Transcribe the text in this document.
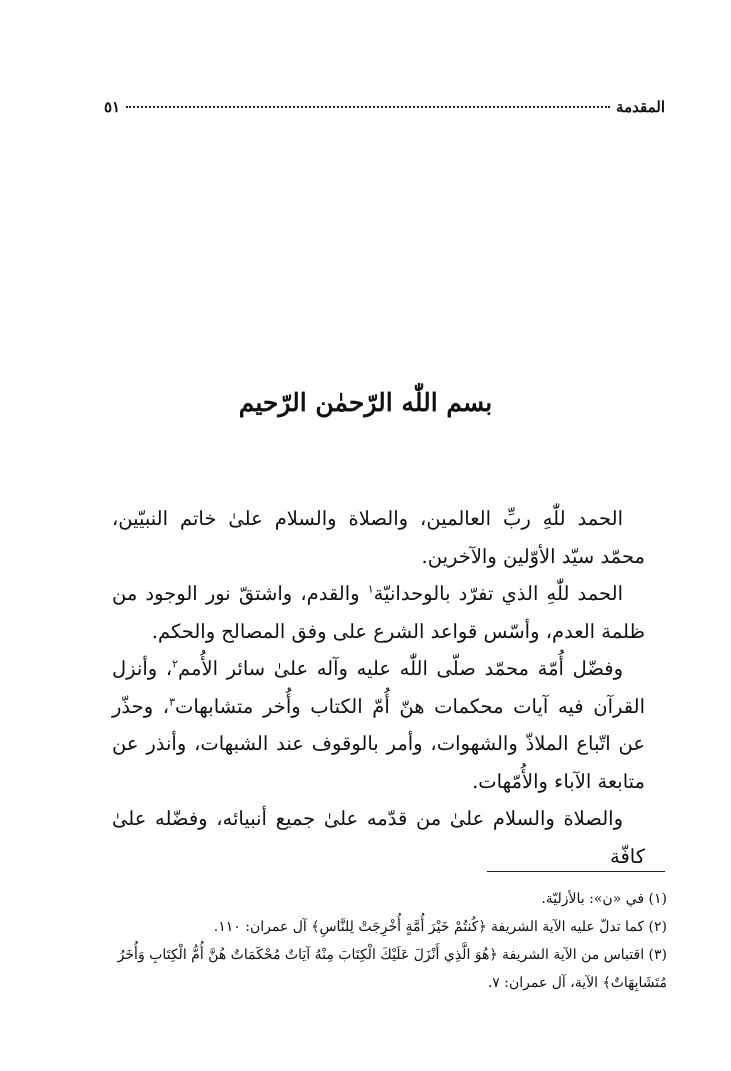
المقدمة
٥١
بسم اللّٰه الرّحمٰن الرّحيم

الحمد للّٰهِ ربِّ العالمين، والصلاة والسلام علىٰ خاتم النبيّين، محمّد سيّد الأوّلين والآخرين.

الحمد للّٰهِ الذي تفرّد بالوحدانيّة$^١$ والقدم، واشتقّ نور الوجود من ظلمة العدم، وأسّس قواعد الشرع على وفق المصالح والحكم.

وفضّل أُمّة محمّد صلّى اللّٰه عليه وآله علىٰ سائر الأُمم$^٢$، وأنزل القرآن فيه آيات محكمات هنّ أُمّ الكتاب وأُخر متشابهات$^٣$، وحذّر عن اتّباع الملاذّ والشهوات، وأمر بالوقوف عند الشبهات، وأنذر عن متابعة الآباء والأُمّهات.

والصلاة والسلام علىٰ من قدّمه علىٰ جميع أنبيائه، وفضّله علىٰ كافّة

(١) في «ن»: بالأزليّة.

(٢) كما تدلّ عليه الآية الشريفة ﴿كُنتُمْ خَيْرَ أُمَّةٍ أُخْرِجَتْ لِلنَّاسِ﴾ آل عمران: ١١٠.

(٣) اقتباس من الآية الشريفة ﴿هُوَ الَّذِي أَنْزَلَ عَلَيْكَ الْكِتَابَ مِنْهُ آيَاتٌ مُحْكَمَاتٌ هُنَّ أُمُّ الْكِتَابِ وَأُخَرُ مُتَشَابِهَاتٌ﴾ الآية، آل عمران: ٧.
